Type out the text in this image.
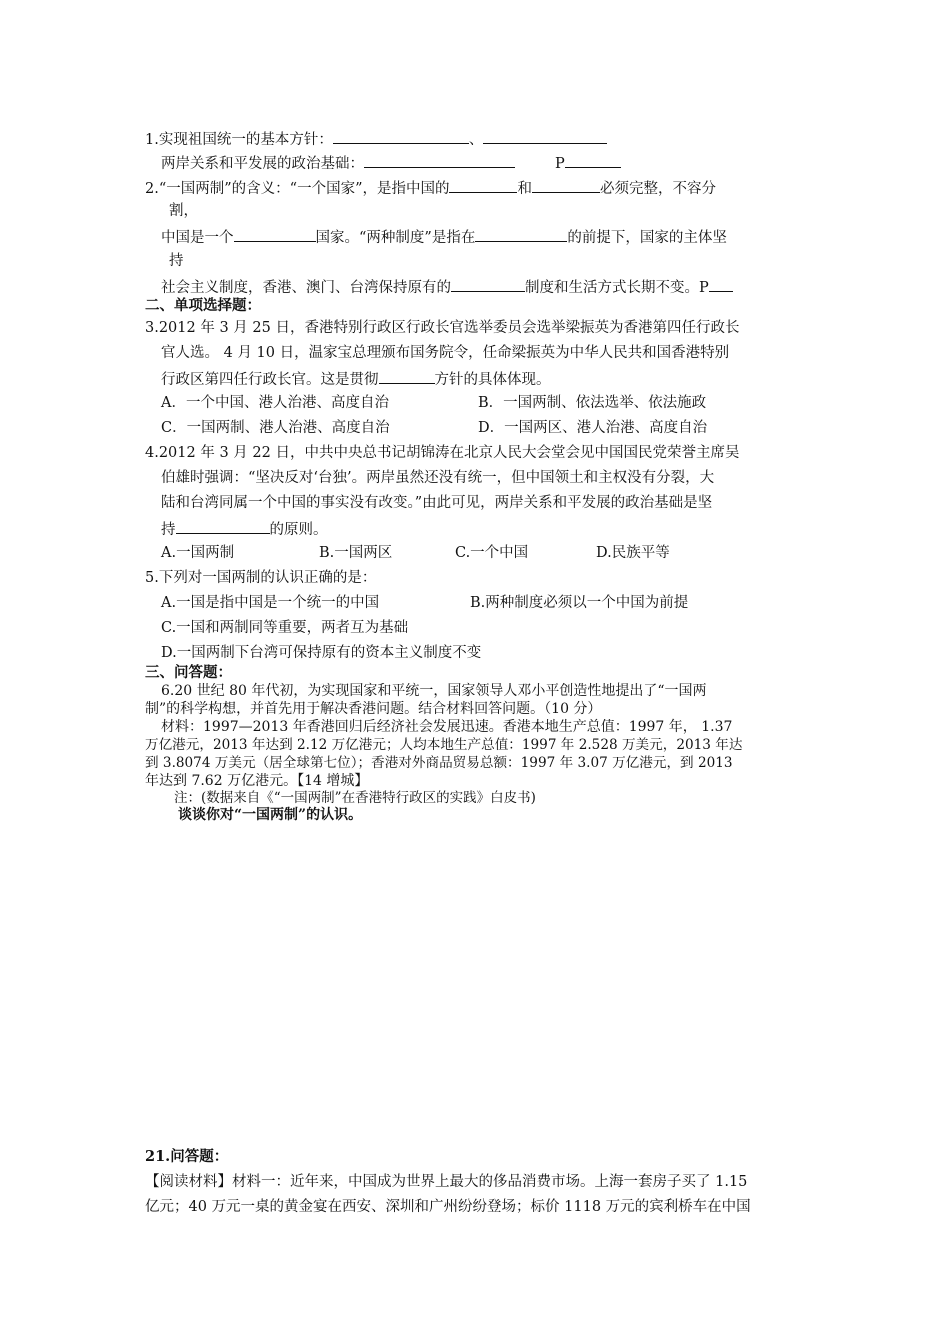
1.实现祖国统一的基本方针：	、
两岸关系和平发展的政治基础：	P
2.“一国两制”的含义：“一个国家”，是指中国的	和	必须完整，不容分
割，
中国是一个	国家。“两种制度”是指在	的前提下，国家的主体坚
持
社会主义制度，香港、澳门、台湾保持原有的	制度和生活方式长期不变。P
二、单项选择题：
3.2012 年 3 月 25 日，香港特别行政区行政长官选举委员会选举梁振英为香港第四任行政长
官人选。 4 月 10 日，温家宝总理颁布国务院令，任命梁振英为中华人民共和国香港特别
行政区第四任行政长官。这是贯彻	方针的具体体现。
A．一个中国、港人治港、高度自治	B．一国两制、依法选举、依法施政
C．一国两制、港人治港、高度自治	D．一国两区、港人治港、高度自治
4.2012 年 3 月 22 日，中共中央总书记胡锦涛在北京人民大会堂会见中国国民党荣誉主席吴
伯雄时强调：“坚决反对‘台独’。两岸虽然还没有统一，但中国领土和主权没有分裂，大
陆和台湾同属一个中国的事实没有改变。”由此可见，两岸关系和平发展的政治基础是坚
持	的原则。
A.一国两制	B.一国两区	C.一个中国	D.民族平等
5.下列对一国两制的认识正确的是：
A.一国是指中国是一个统一的中国	B.两种制度必须以一个中国为前提
C.一国和两制同等重要，两者互为基础
D.一国两制下台湾可保持原有的资本主义制度不变
三、问答题：
6.20 世纪 80 年代初，为实现国家和平统一，国家领导人邓小平创造性地提出了“一国两
制”的科学构想，并首先用于解决香港问题。结合材料回答问题。（10 分）
材料：1997—2013 年香港回归后经济社会发展迅速。香港本地生产总值：1997 年， 1.37
万亿港元，2013 年达到 2.12 万亿港元；人均本地生产总值：1997 年 2.528 万美元，2013 年达
到 3.8074 万美元（居全球第七位）；香港对外商品贸易总额：1997 年 3.07 万亿港元，到 2013
年达到 7.62 万亿港元。【14 增城】
注：(数据来自《“一国两制”在香港特行政区的实践》白皮书)
谈谈你对“一国两制”的认识。
21.问答题：
【阅读材料】材料一：近年来，中国成为世界上最大的侈品消费市场。上海一套房子买了 1.15
亿元；40 万元一桌的黄金宴在西安、深圳和广州纷纷登场；标价 1118 万元的宾利桥车在中国
